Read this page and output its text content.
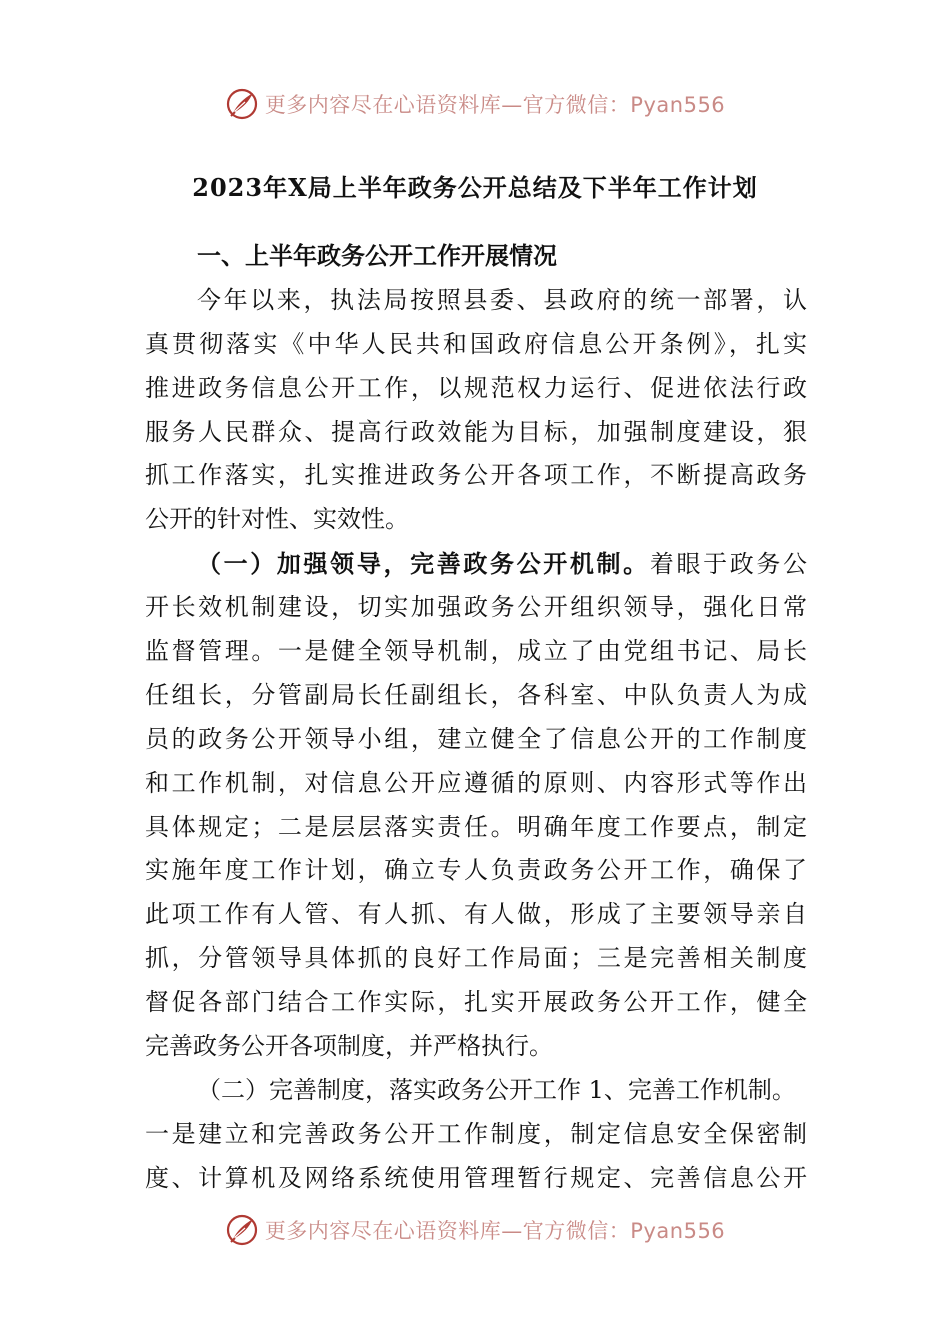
更多内容尽在心语资料库—官方微信：Pyan556
2023年X局上半年政务公开总结及下半年工作计划
一、上半年政务公开工作开展情况
今年以来，执法局按照县委、县政府的统一部署，认
真贯彻落实《中华人民共和国政府信息公开条例》，扎实
推进政务信息公开工作，以规范权力运行、促进依法行政
服务人民群众、提高行政效能为目标，加强制度建设，狠
抓工作落实，扎实推进政务公开各项工作，不断提高政务
公开的针对性、实效性。
（一）加强领导，完善政务公开机制。着眼于政务公
开长效机制建设，切实加强政务公开组织领导，强化日常
监督管理。一是健全领导机制，成立了由党组书记、局长
任组长，分管副局长任副组长，各科室、中队负责人为成
员的政务公开领导小组，建立健全了信息公开的工作制度
和工作机制，对信息公开应遵循的原则、内容形式等作出
具体规定；二是层层落实责任。明确年度工作要点，制定
实施年度工作计划，确立专人负责政务公开工作，确保了
此项工作有人管、有人抓、有人做，形成了主要领导亲自
抓，分管领导具体抓的良好工作局面；三是完善相关制度
督促各部门结合工作实际，扎实开展政务公开工作，健全
完善政务公开各项制度，并严格执行。
（二）完善制度，落实政务公开工作 1、完善工作机制。
一是建立和完善政务公开工作制度，制定信息安全保密制
度、计算机及网络系统使用管理暂行规定、完善信息公开
更多内容尽在心语资料库—官方微信：Pyan556
